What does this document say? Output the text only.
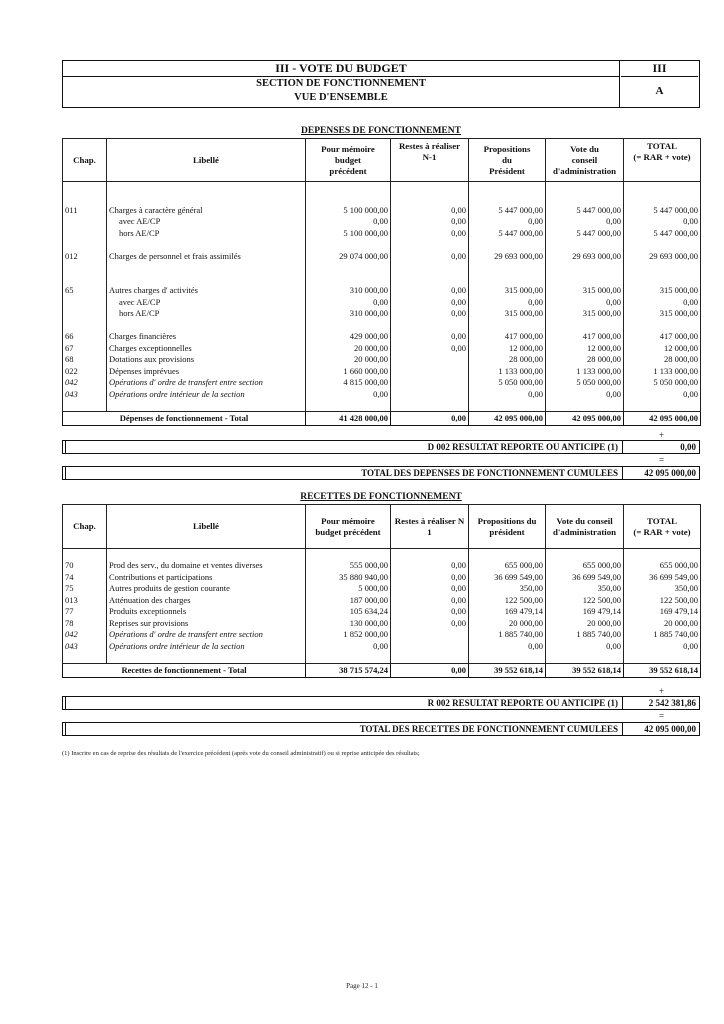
III - VOTE DU BUDGET
SECTION DE FONCTIONNEMENT
VUE D'ENSEMBLE
III
A
DEPENSES DE FONCTIONNEMENT
Chap.	Libellé	Pour mémoire
budget
précédent	Restes à réaliser
N-1	Propositions
du
Président	Vote du
conseil
d'administration	TOTAL
(= RAR + vote)

011	Charges à caractère général	5 100 000,00	0,00	5 447 000,00	5 447 000,00	5 447 000,00
	avec AE/CP	0,00	0,00	0,00	0,00	0,00
	hors AE/CP	5 100 000,00	0,00	5 447 000,00	5 447 000,00	5 447 000,00

012	Charges de personnel et frais assimilés	29 074 000,00	0,00	29 693 000,00	29 693 000,00	29 693 000,00

65	Autres charges d' activités	310 000,00	0,00	315 000,00	315 000,00	315 000,00
	avec AE/CP	0,00	0,00	0,00	0,00	0,00
	hors AE/CP	310 000,00	0,00	315 000,00	315 000,00	315 000,00

66	Charges financières	429 000,00	0,00	417 000,00	417 000,00	417 000,00
67	Charges exceptionnelles	20 000,00	0,00	12 000,00	12 000,00	12 000,00
68	Dotations aux provisions	20 000,00		28 000,00	28 000,00	28 000,00
022	Dépenses imprévues	1 660 000,00		1 133 000,00	1 133 000,00	1 133 000,00
042	Opérations d' ordre de transfert entre section	4 815 000,00		5 050 000,00	5 050 000,00	5 050 000,00
043	Opérations ordre intérieur de la section	0,00		0,00	0,00	0,00

Dépenses de fonctionnement - Total		41 428 000,00	0,00	42 095 000,00	42 095 000,00	42 095 000,00
+
D 002 RESULTAT REPORTE OU ANTICIPE (1)	0,00
=
TOTAL DES DEPENSES DE FONCTIONNEMENT CUMULEES	42 095 000,00
RECETTES DE FONCTIONNEMENT
Chap.	Libellé	Pour mémoire
budget précédent	Restes à réaliser N
1	Propositions du
président	Vote du conseil
d'administration	TOTAL
(= RAR + vote)

70	Prod des serv., du domaine et ventes diverses	555 000,00	0,00	655 000,00	655 000,00	655 000,00
74	Contributions et participations	35 880 940,00	0,00	36 699 549,00	36 699 549,00	36 699 549,00
75	Autres produits de gestion courante	5 000,00	0,00	350,00	350,00	350,00
013	Atténuation des charges	187 000,00	0,00	122 500,00	122 500,00	122 500,00
77	Produits exceptionnels	105 634,24	0,00	169 479,14	169 479,14	169 479,14
78	Reprises sur provisions	130 000,00	0,00	20 000,00	20 000,00	20 000,00
042	Opérations d' ordre de transfert entre section	1 852 000,00		1 885 740,00	1 885 740,00	1 885 740,00
043	Opérations ordre intérieur de la section	0,00		0,00	0,00	0,00

Recettes de fonctionnement - Total		38 715 574,24	0,00	39 552 618,14	39 552 618,14	39 552 618,14
+
R 002 RESULTAT REPORTE OU ANTICIPE (1)	2 542 381,86
=
TOTAL DES RECETTES DE FONCTIONNEMENT CUMULEES	42 095 000,00
(1) Inscrire en cas de reprise des résultats de l'exercice précédent (après vote du conseil administratif) ou si reprise anticipée des résultats;
Page 12 - 1
